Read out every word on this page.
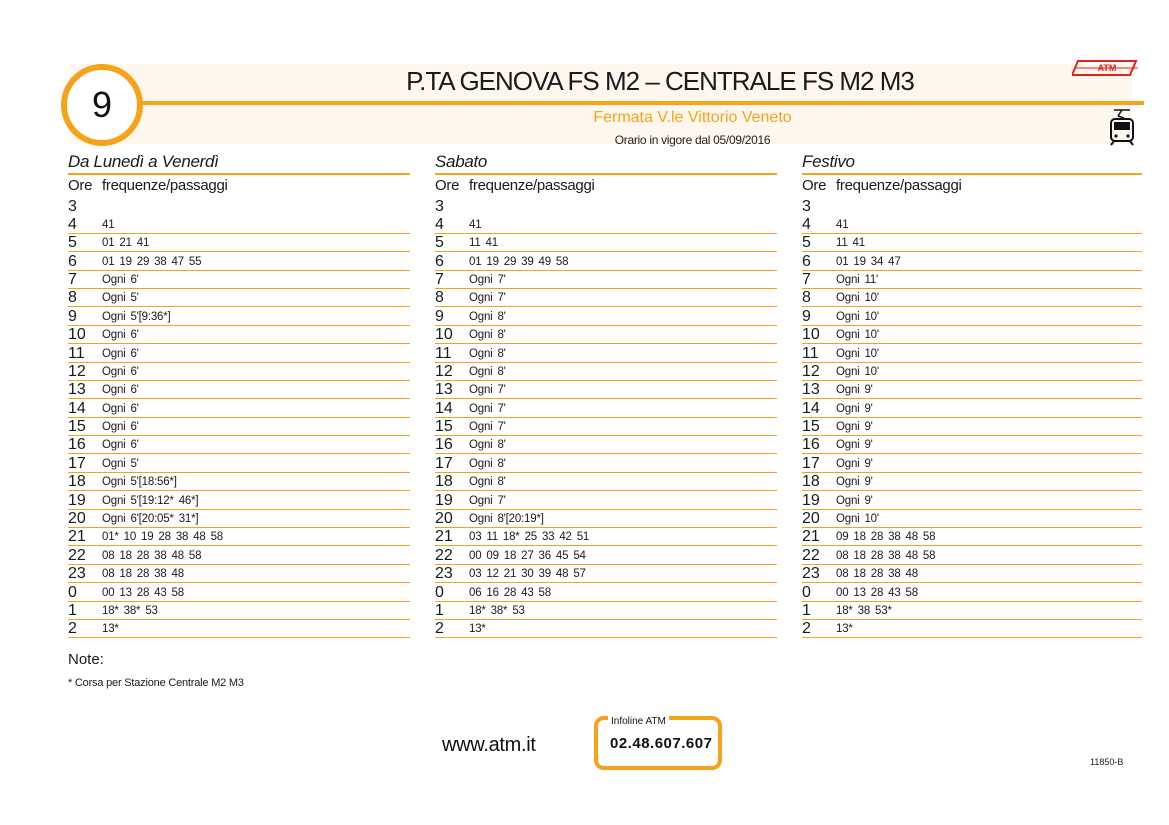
9
P.TA GENOVA FS M2 – CENTRALE FS M2 M3
Fermata V.le Vittorio Veneto
Orario in vigore dal 05/09/2016
ATM
Da Lunedì a Venerdì
Ore frequenze/passaggi
3
4	41
5	01 21 41
6	01 19 29 38 47 55
7	Ogni 6'
8	Ogni 5'
9	Ogni 5'[9:36*]
10	Ogni 6'
11	Ogni 6'
12	Ogni 6'
13	Ogni 6'
14	Ogni 6'
15	Ogni 6'
16	Ogni 6'
17	Ogni 5'
18	Ogni 5'[18:56*]
19	Ogni 5'[19:12* 46*]
20	Ogni 6'[20:05* 31*]
21	01* 10 19 28 38 48 58
22	08 18 28 38 48 58
23	08 18 28 38 48
0	00 13 28 43 58
1	18* 38* 53
2	13*
Sabato
Ore frequenze/passaggi
3
4	41
5	11 41
6	01 19 29 39 49 58
7	Ogni 7'
8	Ogni 7'
9	Ogni 8'
10	Ogni 8'
11	Ogni 8'
12	Ogni 8'
13	Ogni 7'
14	Ogni 7'
15	Ogni 7'
16	Ogni 8'
17	Ogni 8'
18	Ogni 8'
19	Ogni 7'
20	Ogni 8'[20:19*]
21	03 11 18* 25 33 42 51
22	00 09 18 27 36 45 54
23	03 12 21 30 39 48 57
0	06 16 28 43 58
1	18* 38* 53
2	13*
Festivo
Ore frequenze/passaggi
3
4	41
5	11 41
6	01 19 34 47
7	Ogni 11'
8	Ogni 10'
9	Ogni 10'
10	Ogni 10'
11	Ogni 10'
12	Ogni 10'
13	Ogni 9'
14	Ogni 9'
15	Ogni 9'
16	Ogni 9'
17	Ogni 9'
18	Ogni 9'
19	Ogni 9'
20	Ogni 10'
21	09 18 28 38 48 58
22	08 18 28 38 48 58
23	08 18 28 38 48
0	00 13 28 43 58
1	18* 38 53*
2	13*
Note:
* Corsa per Stazione Centrale M2 M3
www.atm.it
Infoline ATM
02.48.607.607
11850-B
